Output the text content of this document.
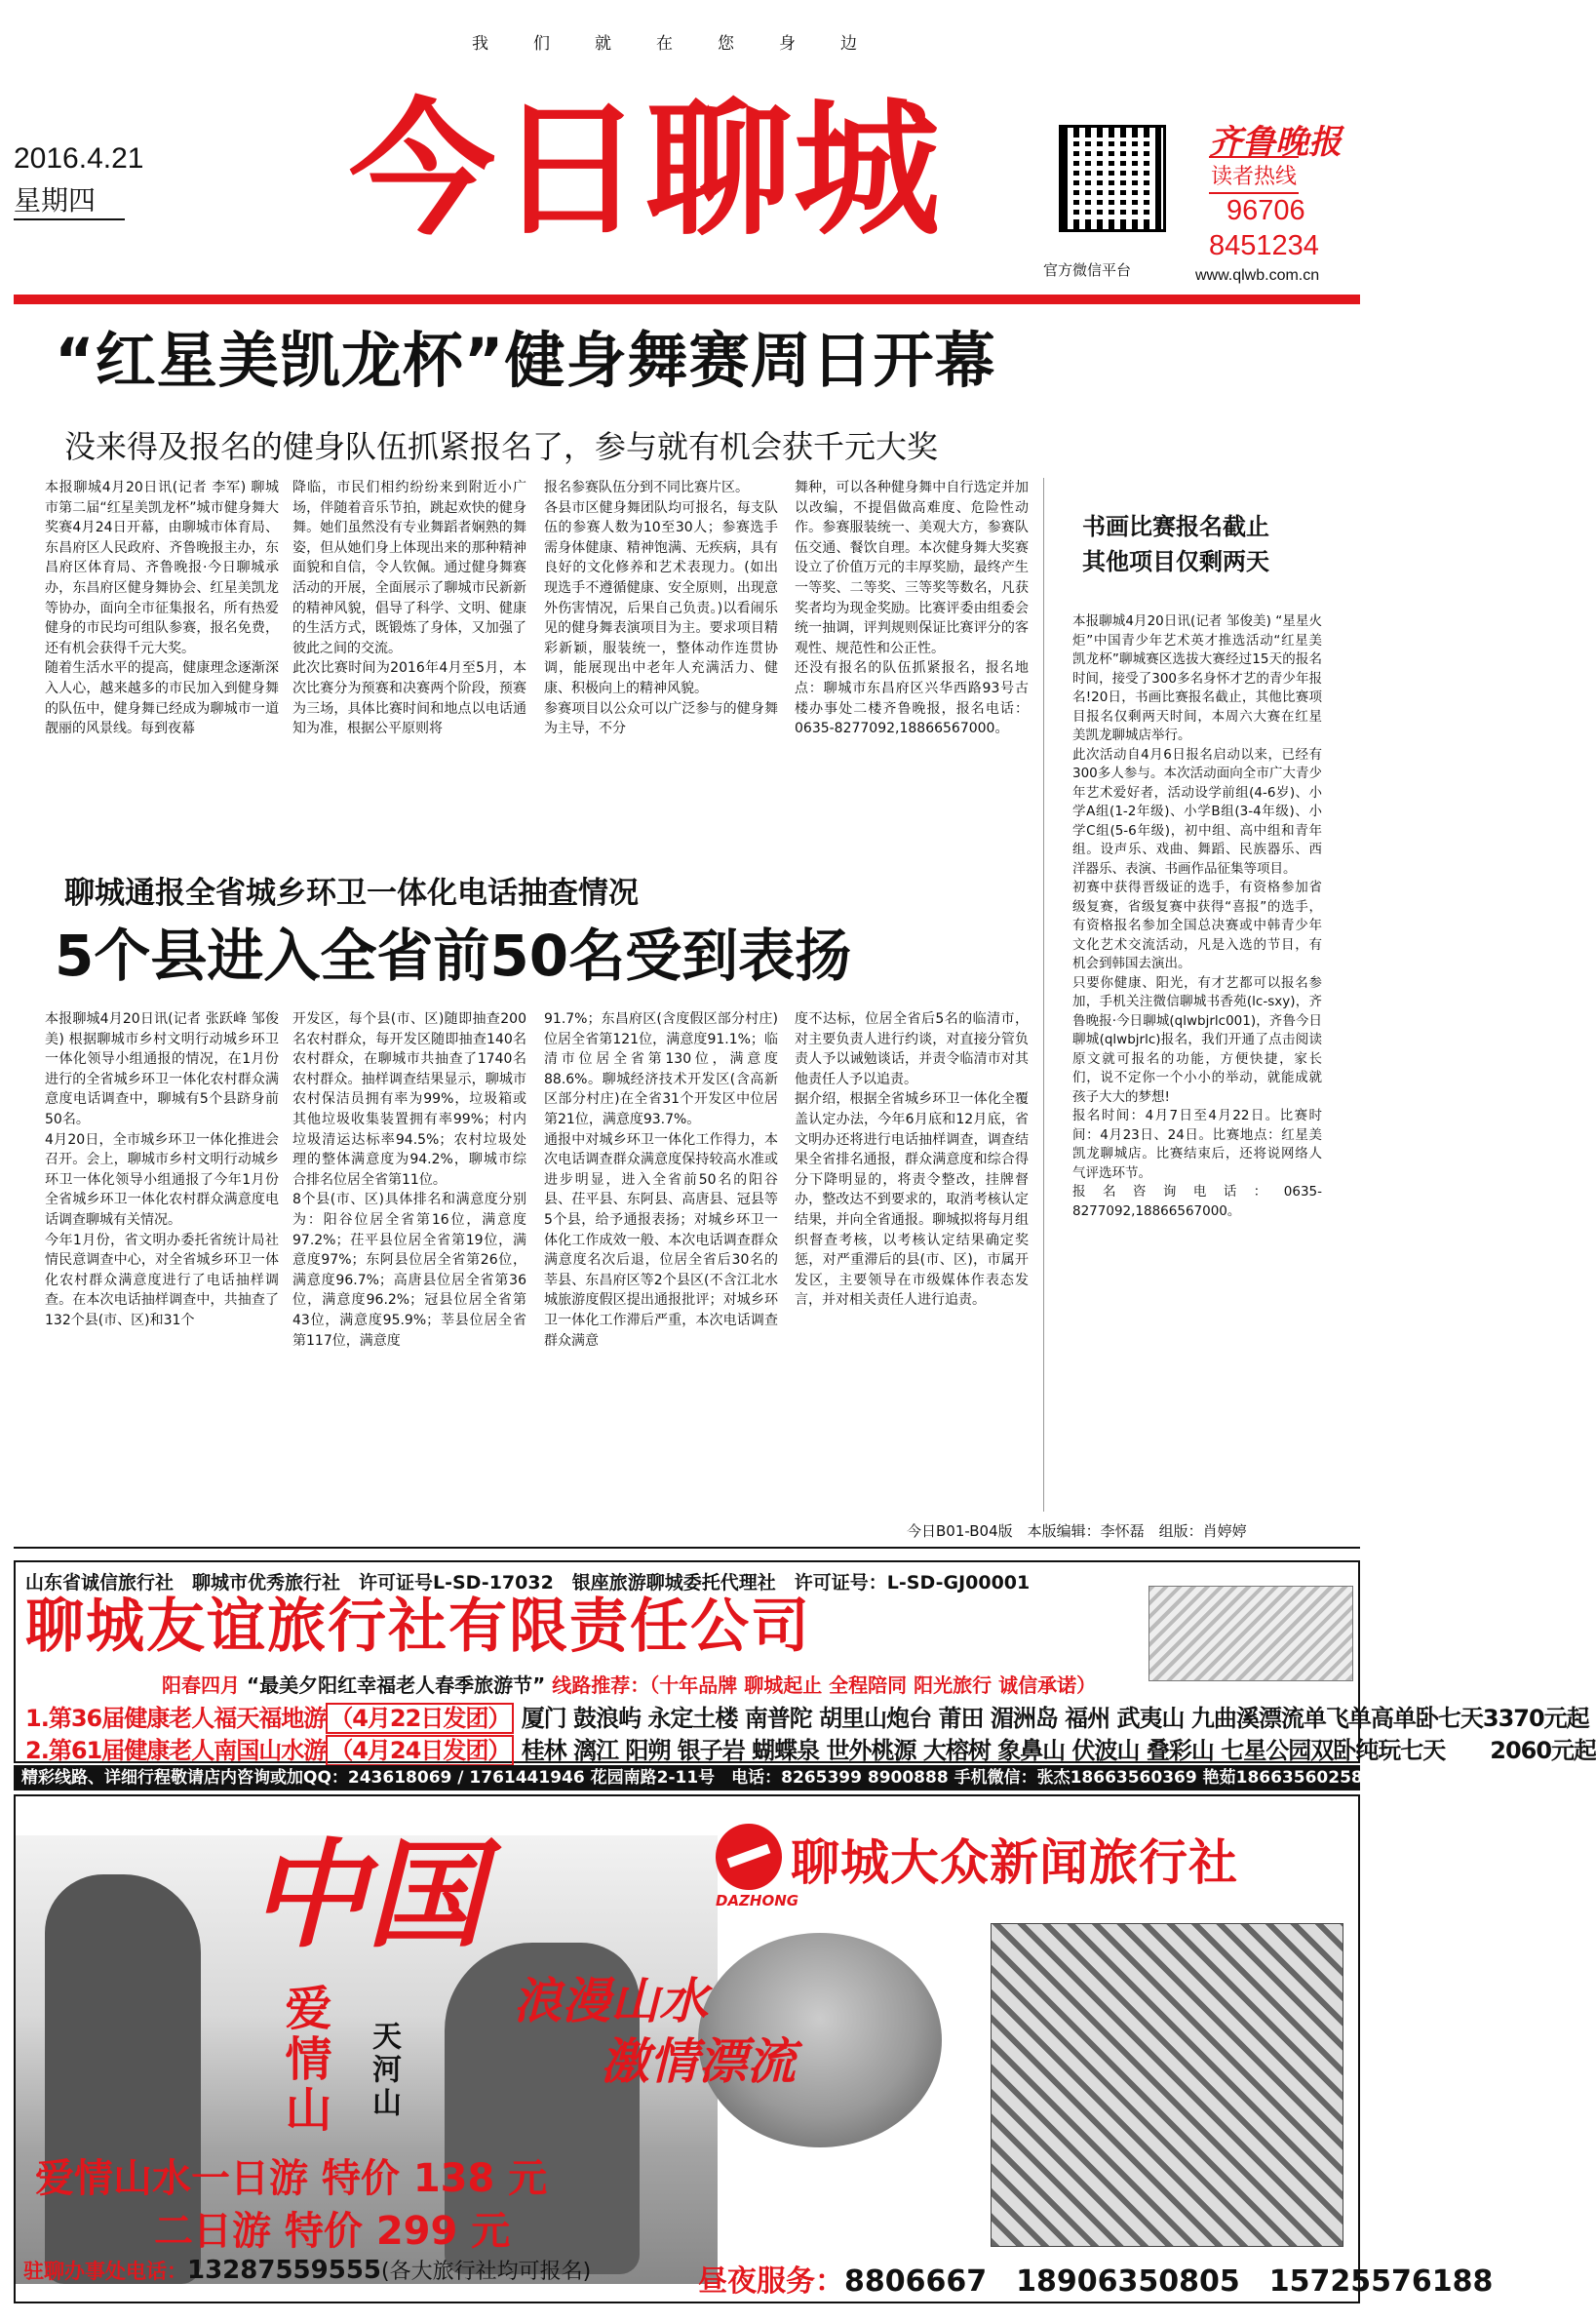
我们就在您身边
2016.4.21
星期四 今日聊城
官方微信平台
齐鲁晚报
读者热线
96706
8451234
www.qlwb.com.cn
“红星美凯龙杯”健身舞赛周日开幕
没来得及报名的健身队伍抓紧报名了，参与就有机会获千元大奖
本报聊城4月20日讯(记者 李军) 聊城市第二届“红星美凯龙杯”城市健身舞大奖赛4月24日开幕，由聊城市体育局、东昌府区人民政府、齐鲁晚报主办，东昌府区体育局、齐鲁晚报·今日聊城承办，东昌府区健身舞协会、红星美凯龙等协办，面向全市征集报名，所有热爱健身的市民均可组队参赛，报名免费，还有机会获得千元大奖。
随着生活水平的提高，健康理念逐渐深入人心，越来越多的市民加入到健身舞的队伍中，健身舞已经成为聊城市一道靓丽的风景线。每到夜幕
降临，市民们相约纷纷来到附近小广场，伴随着音乐节拍，跳起欢快的健身舞。她们虽然没有专业舞蹈者娴熟的舞姿，但从她们身上体现出来的那种精神面貌和自信，令人钦佩。通过健身舞赛活动的开展，全面展示了聊城市民新新的精神风貌，倡导了科学、文明、健康的生活方式，既锻炼了身体，又加强了彼此之间的交流。
此次比赛时间为2016年4月至5月，本次比赛分为预赛和决赛两个阶段，预赛为三场，具体比赛时间和地点以电话通知为准，根据公平原则将
报名参赛队伍分到不同比赛片区。
各县市区健身舞团队均可报名，每支队伍的参赛人数为10至30人；参赛选手需身体健康、精神饱满、无疾病，具有良好的文化修养和艺术表现力。(如出现选手不遵循健康、安全原则，出现意外伤害情况，后果自己负责。)以看闹乐见的健身舞表演项目为主。要求项目精彩新颖，服装统一，整体动作连贯协调，能展现出中老年人充满活力、健康、积极向上的精神风貌。
参赛项目以公众可以广泛参与的健身舞为主导，不分
舞种，可以各种健身舞中自行选定并加以改编，不提倡做高难度、危险性动作。参赛服装统一、美观大方，参赛队伍交通、餐饮自理。本次健身舞大奖赛设立了价值万元的丰厚奖励，最终产生一等奖、二等奖、三等奖等数名，凡获奖者均为现金奖励。比赛评委由组委会统一抽调，评判规则保证比赛评分的客观性、规范性和公正性。
还没有报名的队伍抓紧报名，报名地点：聊城市东昌府区兴华西路93号古楼办事处二楼齐鲁晚报，报名电话：0635-8277092,18866567000。
书画比赛报名截止
其他项目仅剩两天
本报聊城4月20日讯(记者 邹俊美) “星星火炬”中国青少年艺术英才推选活动“红星美凯龙杯”聊城赛区选拔大赛经过15天的报名时间，接受了300多名身怀才艺的青少年报名!20日，书画比赛报名截止，其他比赛项目报名仅剩两天时间，本周六大赛在红星美凯龙聊城店举行。
此次活动自4月6日报名启动以来，已经有300多人参与。本次活动面向全市广大青少年艺术爱好者，活动设学前组(4-6岁)、小学A组(1-2年级)、小学B组(3-4年级)、小学C组(5-6年级)，初中组、高中组和青年组。设声乐、戏曲、舞蹈、民族器乐、西洋器乐、表演、书画作品征集等项目。
初赛中获得晋级证的选手，有资格参加省级复赛，省级复赛中获得“喜报”的选手，有资格报名参加全国总决赛或中韩青少年文化艺术交流活动，凡是入选的节目，有机会到韩国去演出。
只要你健康、阳光，有才艺都可以报名参加，手机关注微信聊城书香苑(lc-sxy)，齐鲁晚报·今日聊城(qlwbjrlc001)，齐鲁今日聊城(qlwbjrlc)报名，我们开通了点击阅读原文就可报名的功能，方便快捷，家长们，说不定你一个小小的举动，就能成就孩子大大的梦想!
报名时间：4月7日至4月22日。比赛时间：4月23日、24日。比赛地点：红星美凯龙聊城店。比赛结束后，还将说网络人气评选环节。
报名咨询电话：0635-8277092,18866567000。
聊城通报全省城乡环卫一体化电话抽查情况
5个县进入全省前50名受到表扬
本报聊城4月20日讯(记者 张跃峰 邹俊美) 根据聊城市乡村文明行动城乡环卫一体化领导小组通报的情况，在1月份进行的全省城乡环卫一体化农村群众满意度电话调查中，聊城有5个县跻身前50名。
4月20日，全市城乡环卫一体化推进会召开。会上，聊城市乡村文明行动城乡环卫一体化领导小组通报了今年1月份全省城乡环卫一体化农村群众满意度电话调查聊城有关情况。
今年1月份，省文明办委托省统计局社情民意调查中心，对全省城乡环卫一体化农村群众满意度进行了电话抽样调查。在本次电话抽样调查中，共抽查了132个县(市、区)和31个
开发区，每个县(市、区)随即抽查200名农村群众，每开发区随即抽查140名农村群众，在聊城市共抽查了1740名农村群众。抽样调查结果显示，聊城市农村保洁员拥有率为99%，垃圾箱或其他垃圾收集装置拥有率99%；村内垃圾清运达标率94.5%；农村垃圾处理的整体满意度为94.2%，聊城市综合排名位居全省第11位。
8个县(市、区)具体排名和满意度分别为：阳谷位居全省第16位，满意度97.2%；茌平县位居全省第19位，满意度97%；东阿县位居全省第26位，满意度96.7%；高唐县位居全省第36位，满意度96.2%；冠县位居全省第43位，满意度95.9%；莘县位居全省第117位，满意度
91.7%；东昌府区(含度假区部分村庄)位居全省第121位，满意度91.1%；临清市位居全省第130位，满意度88.6%。聊城经济技术开发区(含高新区部分村庄)在全省31个开发区中位居第21位，满意度93.7%。
通报中对城乡环卫一体化工作得力，本次电话调查群众满意度保持较高水准或进步明显，进入全省前50名的阳谷县、茌平县、东阿县、高唐县、冠县等5个县，给予通报表扬；对城乡环卫一体化工作成效一般、本次电话调查群众满意度名次后退，位居全省后30名的莘县、东昌府区等2个县区(不含江北水城旅游度假区提出通报批评；对城乡环卫一体化工作滞后严重，本次电话调查群众满意
度不达标，位居全省后5名的临清市，对主要负责人进行约谈，对直接分管负责人予以诫勉谈话，并责令临清市对其他责任人予以追责。
据介绍，根据全省城乡环卫一体化全覆盖认定办法，今年6月底和12月底，省文明办还将进行电话抽样调查，调查结果全省排名通报，群众满意度和综合得分下降明显的，将责令整改，挂牌督办，整改达不到要求的，取消考核认定结果，并向全省通报。聊城拟将每月组织督查考核，以考核认定结果确定奖惩，对严重滞后的县(市、区)，市属开发区，主要领导在市级媒体作表态发言，并对相关责任人进行追责。
今日B01-B04版　本版编辑：李怀磊　组版：肖婷婷
山东省诚信旅行社　聊城市优秀旅行社　许可证号L-SD-17032　银座旅游聊城委托代理社　许可证号：L-SD-GJ00001
聊城友谊旅行社有限责任公司
阳春四月 “最美夕阳红幸福老人春季旅游节” 线路推荐：（十年品牌 聊城起止 全程陪同 阳光旅行 诚信承诺）
1.第36届健康老人福天福地游 （4月22日发团） 厦门 鼓浪屿 永定土楼 南普陀 胡里山炮台 莆田 湄洲岛 福州 武夷山 九曲溪漂流单飞单高单卧七天3370元起
2.第61届健康老人南国山水游 （4月24日发团） 桂林 漓江 阳朔 银子岩 蝴蝶泉 世外桃源 大榕树 象鼻山 伏波山 叠彩山 七星公园双卧纯玩七天　　2060元起
精彩线路、详细行程敬请店内咨询或加QQ：243618069 / 1761441946 花园南路2-11号　电话：8265399 8900888 手机微信：张杰18663560369 艳茹18663560258
中国
爱情山 天河山
浪漫山水
激情漂流
DAZHONG
聊城大众新闻旅行社
爱情山水一日游 特价 138 元
二日游 特价 299 元
驻聊办事处电话：13287559555(各大旅行社均可报名)	昼夜服务：8806667　18906350805　15725576188
